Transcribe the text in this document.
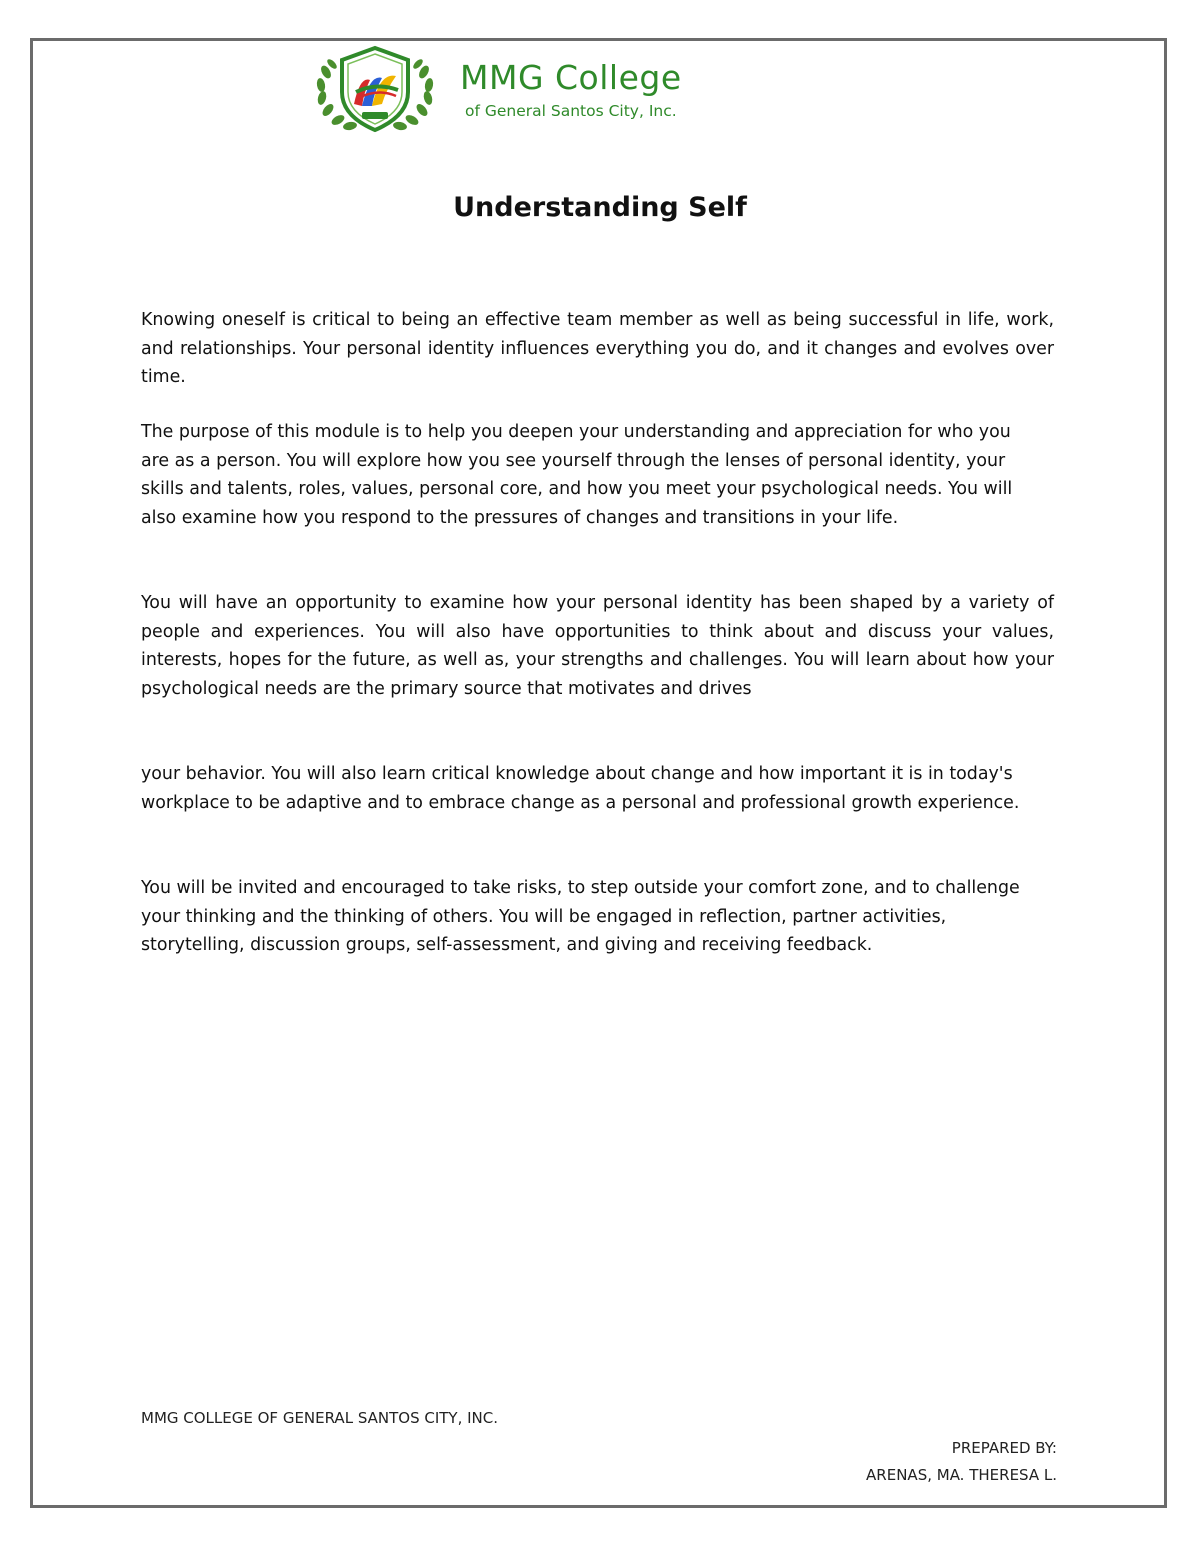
MMG College
of General Santos City, Inc.
Understanding Self

Knowing oneself is critical to being an effective team member as well as being successful in life, work, and relationships. Your personal identity influences everything you do, and it changes and evolves over time.

The purpose of this module is to help you deepen your understanding and appreciation for who you are as a person. You will explore how you see yourself through the lenses of personal identity, your skills and talents, roles, values, personal core, and how you meet your psychological needs. You will also examine how you respond to the pressures of changes and transitions in your life.

You will have an opportunity to examine how your personal identity has been shaped by a variety of people and experiences. You will also have opportunities to think about and discuss your values, interests, hopes for the future, as well as, your strengths and challenges. You will learn about how your psychological needs are the primary source that motivates and drives

your behavior. You will also learn critical knowledge about change and how important it is in today's workplace to be adaptive and to embrace change as a personal and professional growth experience.

You will be invited and encouraged to take risks, to step outside your comfort zone, and to challenge your thinking and the thinking of others. You will be engaged in reflection, partner activities, storytelling, discussion groups, self-assessment, and giving and receiving feedback.

MMG COLLEGE OF GENERAL SANTOS CITY, INC.
PREPARED BY:
ARENAS, MA. THERESA L.
